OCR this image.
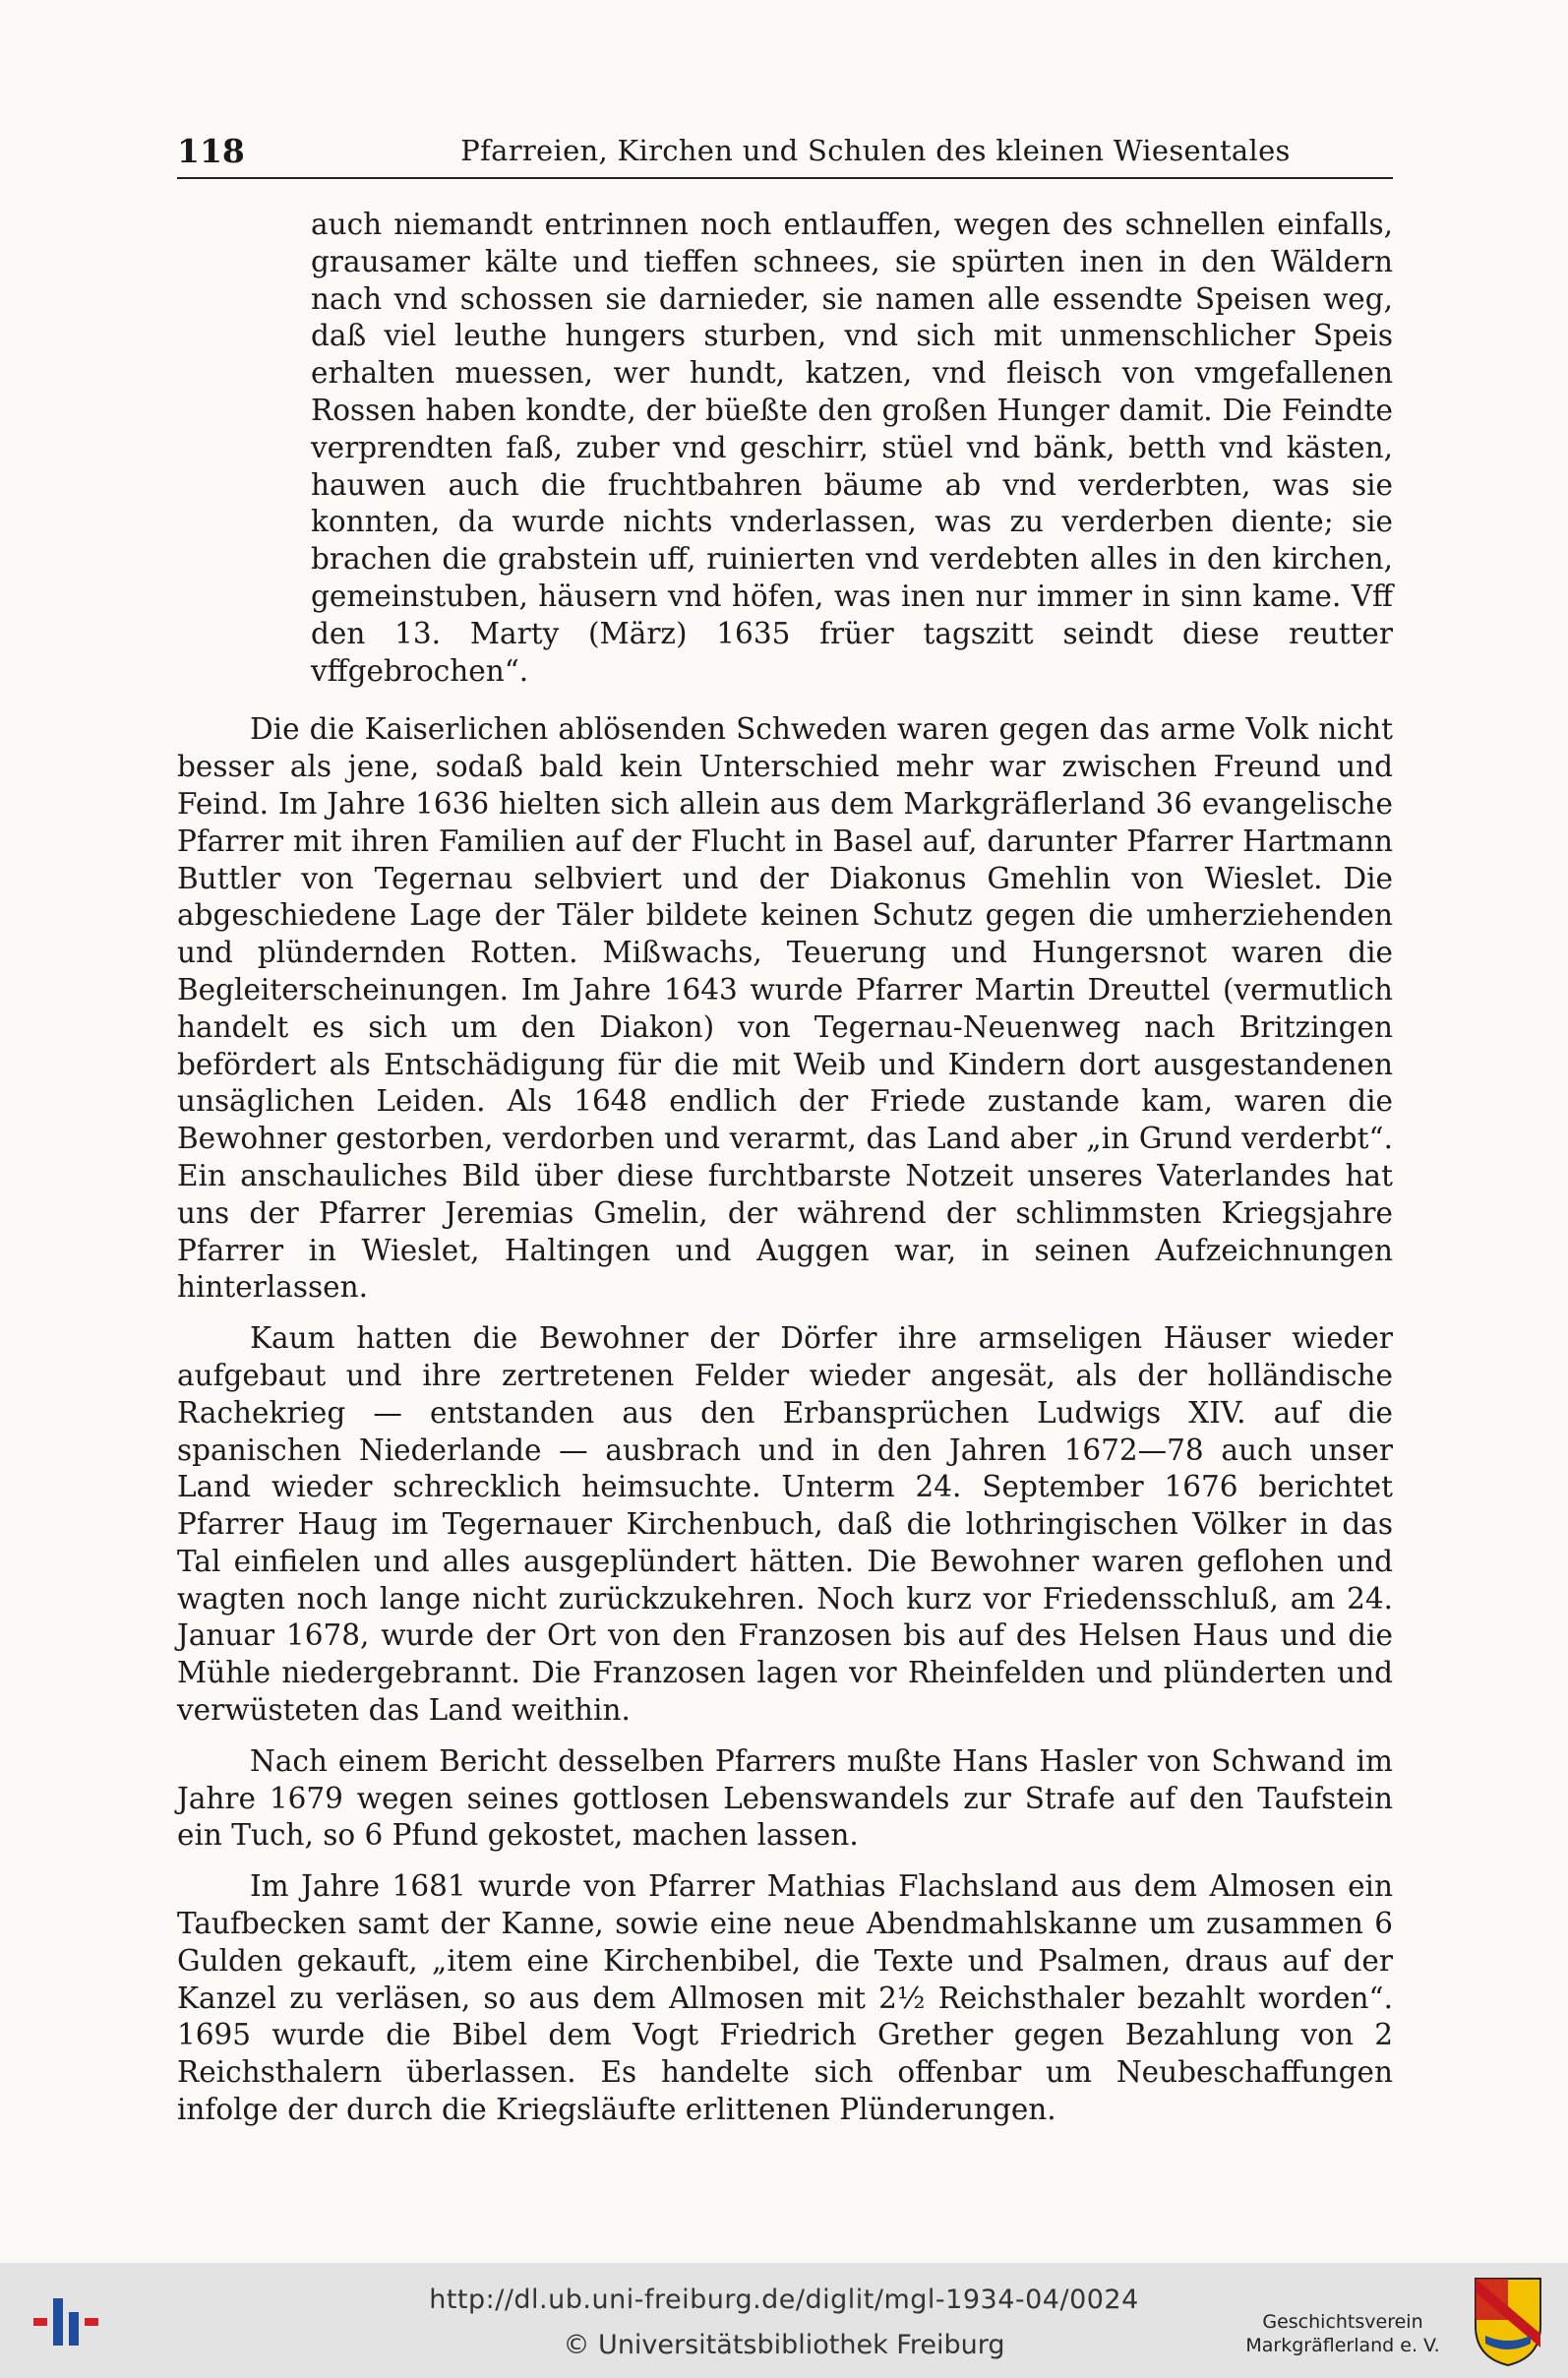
118	Pfarreien, Kirchen und Schulen des kleinen Wiesentales

auch niemandt entrinnen noch entlauffen, wegen des schnellen einfalls, grausamer kälte und tieffen schnees, sie spürten inen in den Wäldern nach vnd schossen sie darnieder, sie namen alle essendte Speisen weg, daß viel leuthe hungers sturben, vnd sich mit unmenschlicher Speis erhalten muessen, wer hundt, katzen, vnd fleisch von vmgefallenen Rossen haben kondte, der büeßte den großen Hunger damit. Die Feindte verprendten faß, zuber vnd geschirr, stüel vnd bänk, betth vnd kästen, hauwen auch die fruchtbahren bäume ab vnd verderbten, was sie konnten, da wurde nichts vnderlassen, was zu verderben diente; sie brachen die grabstein uff, ruinierten vnd verdebten alles in den kirchen, gemeinstuben, häusern vnd höfen, was inen nur immer in sinn kame. Vff den 13. Marty (März) 1635 früer tagszitt seindt diese reutter vffgebrochen“.

Die die Kaiserlichen ablösenden Schweden waren gegen das arme Volk nicht besser als jene, sodaß bald kein Unterschied mehr war zwischen Freund und Feind. Im Jahre 1636 hielten sich allein aus dem Markgräflerland 36 evangelische Pfarrer mit ihren Familien auf der Flucht in Basel auf, darunter Pfarrer Hartmann Buttler von Tegernau selbviert und der Diakonus Gmehlin von Wieslet. Die abgeschiedene Lage der Täler bildete keinen Schutz gegen die umherziehenden und plündernden Rotten. Mißwachs, Teuerung und Hungersnot waren die Begleiterscheinungen. Im Jahre 1643 wurde Pfarrer Martin Dreuttel (vermutlich handelt es sich um den Diakon) von Tegernau-Neuenweg nach Britzingen befördert als Entschädigung für die mit Weib und Kindern dort ausgestandenen unsäglichen Leiden. Als 1648 endlich der Friede zustande kam, waren die Bewohner gestorben, verdorben und verarmt, das Land aber „in Grund verderbt“. Ein anschauliches Bild über diese furchtbarste Notzeit unseres Vaterlandes hat uns der Pfarrer Jeremias Gmelin, der während der schlimmsten Kriegsjahre Pfarrer in Wieslet, Haltingen und Auggen war, in seinen Aufzeichnungen hinterlassen.

Kaum hatten die Bewohner der Dörfer ihre armseligen Häuser wieder aufgebaut und ihre zertretenen Felder wieder angesät, als der holländische Rachekrieg — entstanden aus den Erbansprüchen Ludwigs XIV. auf die spanischen Niederlande — ausbrach und in den Jahren 1672—78 auch unser Land wieder schrecklich heimsuchte. Unterm 24. September 1676 berichtet Pfarrer Haug im Tegernauer Kirchenbuch, daß die lothringischen Völker in das Tal einfielen und alles ausgeplündert hätten. Die Bewohner waren geflohen und wagten noch lange nicht zurückzukehren. Noch kurz vor Friedensschluß, am 24. Januar 1678, wurde der Ort von den Franzosen bis auf des Helsen Haus und die Mühle niedergebrannt. Die Franzosen lagen vor Rheinfelden und plünderten und verwüsteten das Land weithin.

Nach einem Bericht desselben Pfarrers mußte Hans Hasler von Schwand im Jahre 1679 wegen seines gottlosen Lebenswandels zur Strafe auf den Taufstein ein Tuch, so 6 Pfund gekostet, machen lassen.

Im Jahre 1681 wurde von Pfarrer Mathias Flachsland aus dem Almosen ein Taufbecken samt der Kanne, sowie eine neue Abendmahlskanne um zusammen 6 Gulden gekauft, „item eine Kirchenbibel, die Texte und Psalmen, draus auf der Kanzel zu verläsen, so aus dem Allmosen mit 2½ Reichsthaler bezahlt worden“. 1695 wurde die Bibel dem Vogt Friedrich Grether gegen Bezahlung von 2 Reichsthalern überlassen. Es handelte sich offenbar um Neubeschaffungen infolge der durch die Kriegsläufte erlittenen Plünderungen.

http://dl.ub.uni-freiburg.de/diglit/mgl-1934-04/0024
© Universitätsbibliothek Freiburg
Geschichtsverein
Markgräflerland e. V.
